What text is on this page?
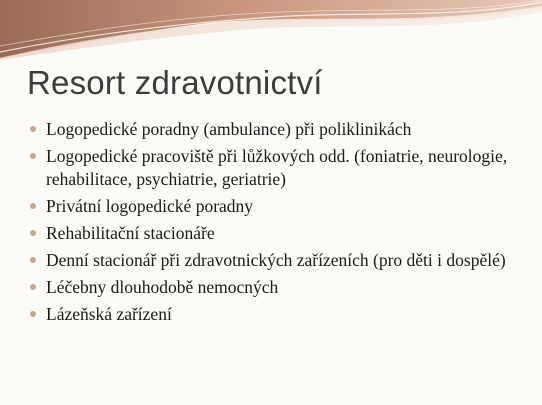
Resort zdravotnictví
Logopedické poradny (ambulance) při poliklinikách
Logopedické pracoviště při lůžkových odd. (foniatrie, neurologie, rehabilitace, psychiatrie, geriatrie)
Privátní logopedické poradny
Rehabilitační stacionáře
Denní stacionář při zdravotnických zařízeních (pro děti i dospělé)
Léčebny dlouhodobě nemocných
Lázeňská zařízení
